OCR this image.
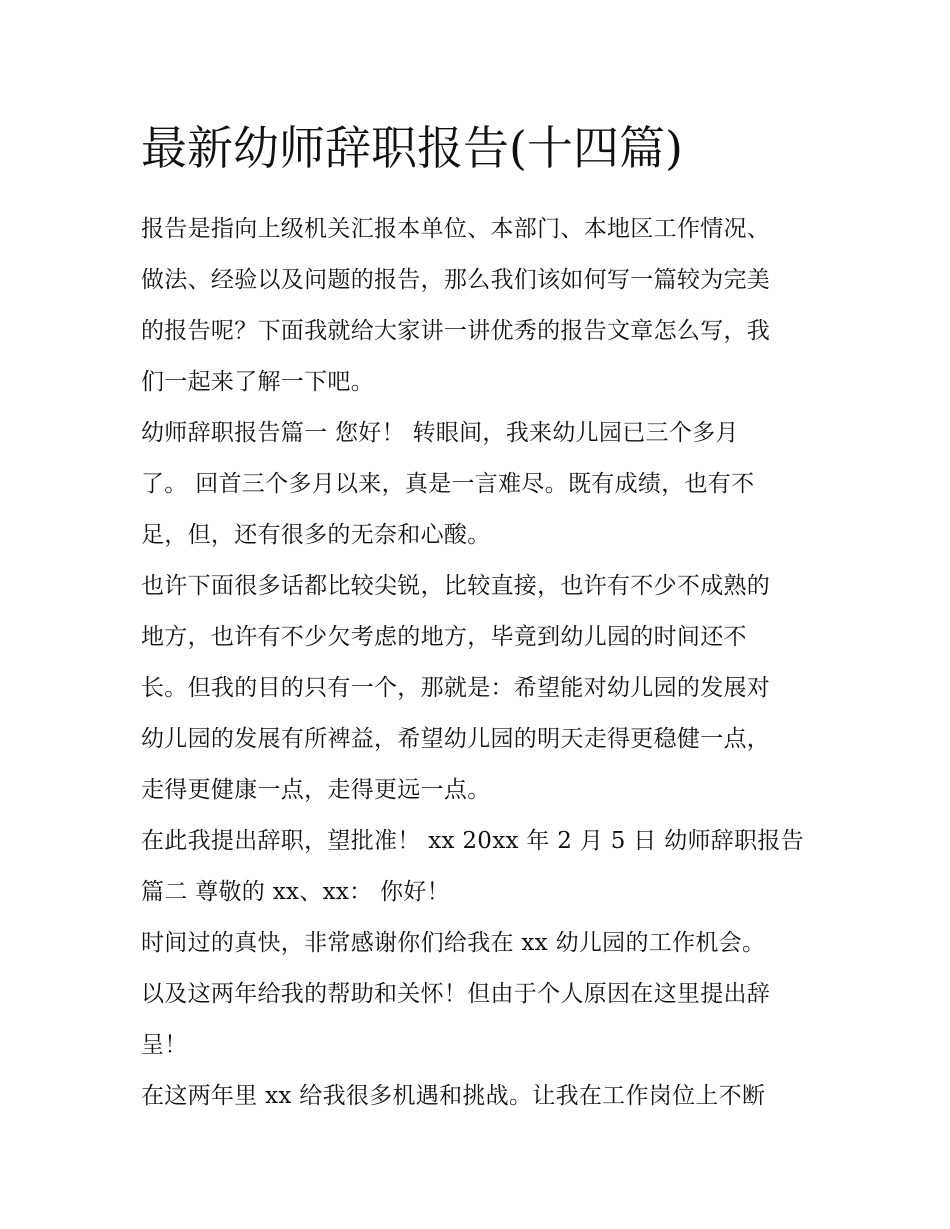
最新幼师辞职报告(十四篇)

报告是指向上级机关汇报本单位、本部门、本地区工作情况、
做法、经验以及问题的报告，那么我们该如何写一篇较为完美
的报告呢？下面我就给大家讲一讲优秀的报告文章怎么写，我
们一起来了解一下吧。

幼师辞职报告篇一 您好！ 转眼间，我来幼儿园已三个多月
了。 回首三个多月以来，真是一言难尽。既有成绩，也有不
足，但，还有很多的无奈和心酸。

也许下面很多话都比较尖锐，比较直接，也许有不少不成熟的
地方，也许有不少欠考虑的地方，毕竟到幼儿园的时间还不
长。但我的目的只有一个，那就是：希望能对幼儿园的发展对
幼儿园的发展有所裨益，希望幼儿园的明天走得更稳健一点，
走得更健康一点，走得更远一点。

在此我提出辞职，望批准！ xx 20xx 年 2 月 5 日 幼师辞职报告
篇二 尊敬的 xx、xx： 你好！

时间过的真快，非常感谢你们给我在 xx 幼儿园的工作机会。
以及这两年给我的帮助和关怀！但由于个人原因在这里提出辞
呈！

在这两年里 xx 给我很多机遇和挑战。让我在工作岗位上不断
